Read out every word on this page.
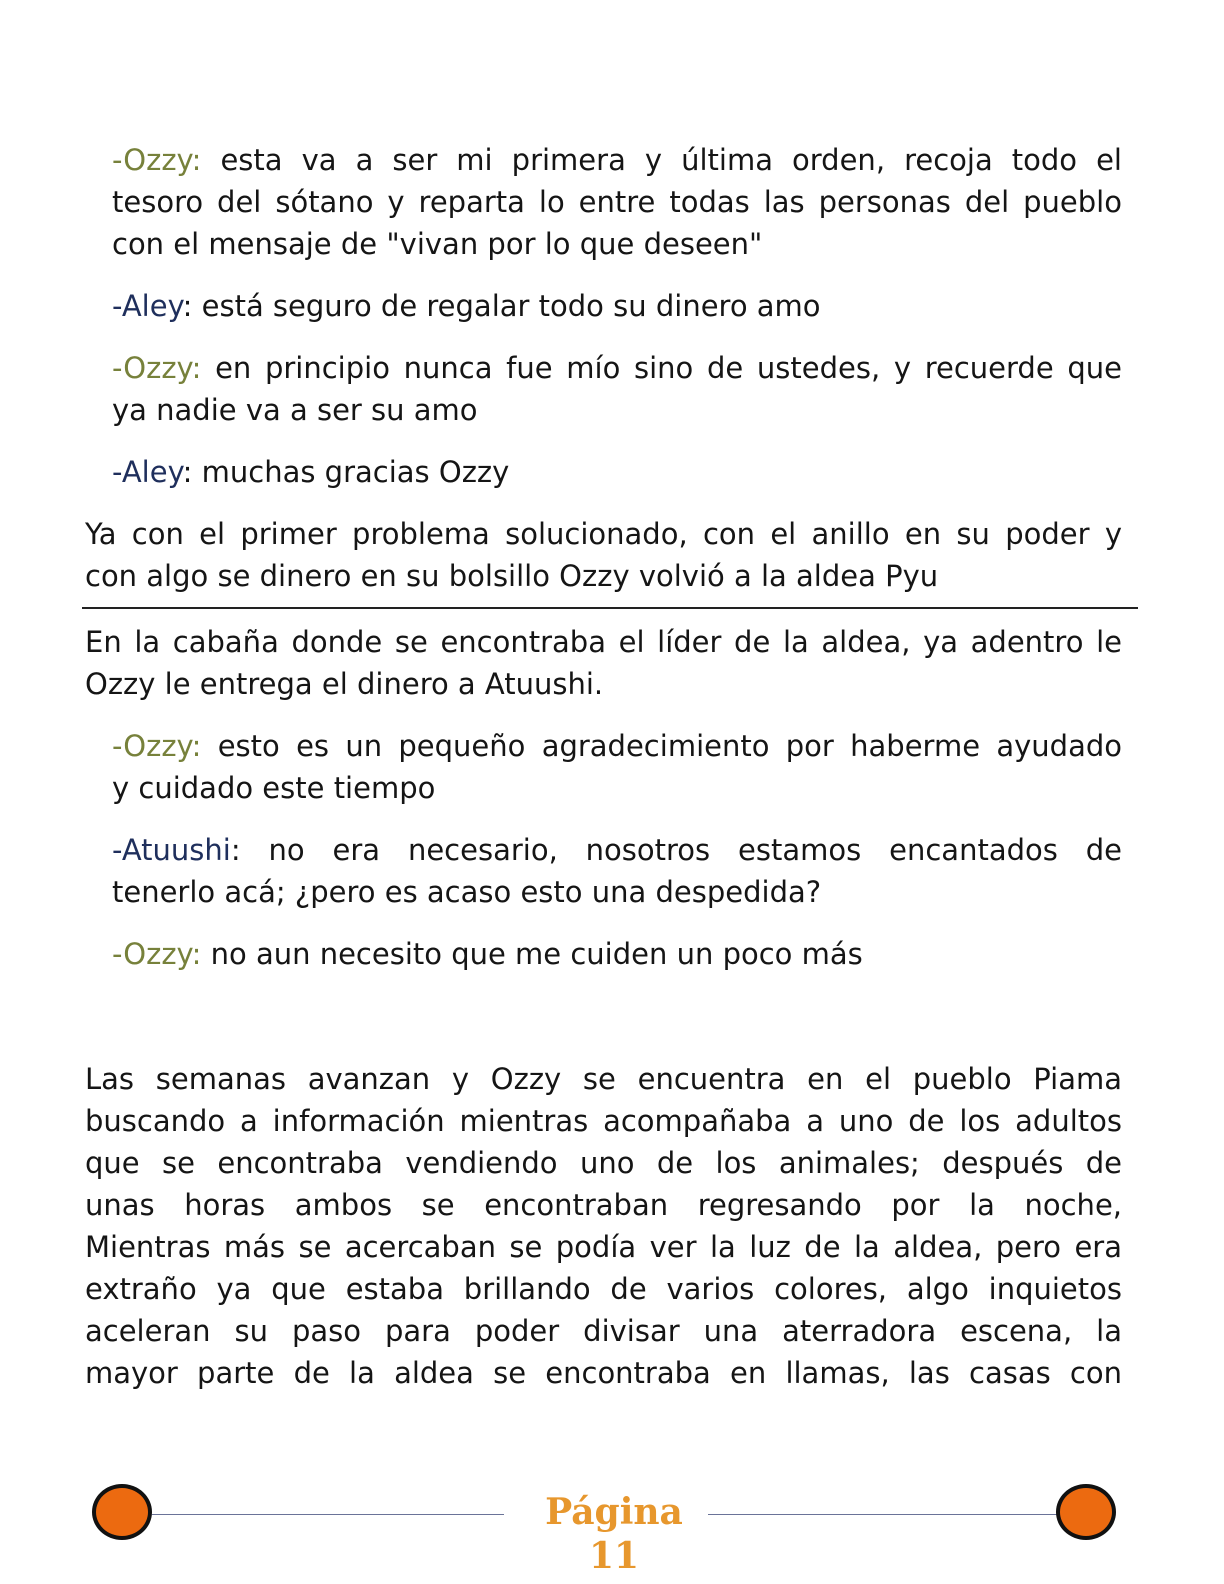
-Ozzy: esta va a ser mi primera y última orden, recoja todo el

tesoro del sótano y reparta lo entre todas las personas del pueblo

con el mensaje de "vivan por lo que deseen"

-Aley: está seguro de regalar todo su dinero amo

-Ozzy: en principio nunca fue mío sino de ustedes, y recuerde que

ya nadie va a ser su amo

-Aley: muchas gracias Ozzy

Ya con el primer problema solucionado, con el anillo en su poder y

con algo se dinero en su bolsillo Ozzy volvió a la aldea Pyu

En la cabaña donde se encontraba el líder de la aldea, ya adentro le

Ozzy le entrega el dinero a Atuushi.

-Ozzy: esto es un pequeño agradecimiento por haberme ayudado

y cuidado este tiempo

-Atuushi: no era necesario, nosotros estamos encantados de

tenerlo acá; ¿pero es acaso esto una despedida?

-Ozzy: no aun necesito que me cuiden un poco más

Las semanas avanzan y Ozzy se encuentra en el pueblo Piama

buscando a información mientras acompañaba a uno de los adultos

que se encontraba vendiendo uno de los animales; después de

unas horas ambos se encontraban regresando por la noche,

Mientras más se acercaban se podía ver la luz de la aldea, pero era

extraño ya que estaba brillando de varios colores, algo inquietos

aceleran su paso para poder divisar una aterradora escena, la

mayor parte de la aldea se encontraba en llamas, las casas con

Página
11
